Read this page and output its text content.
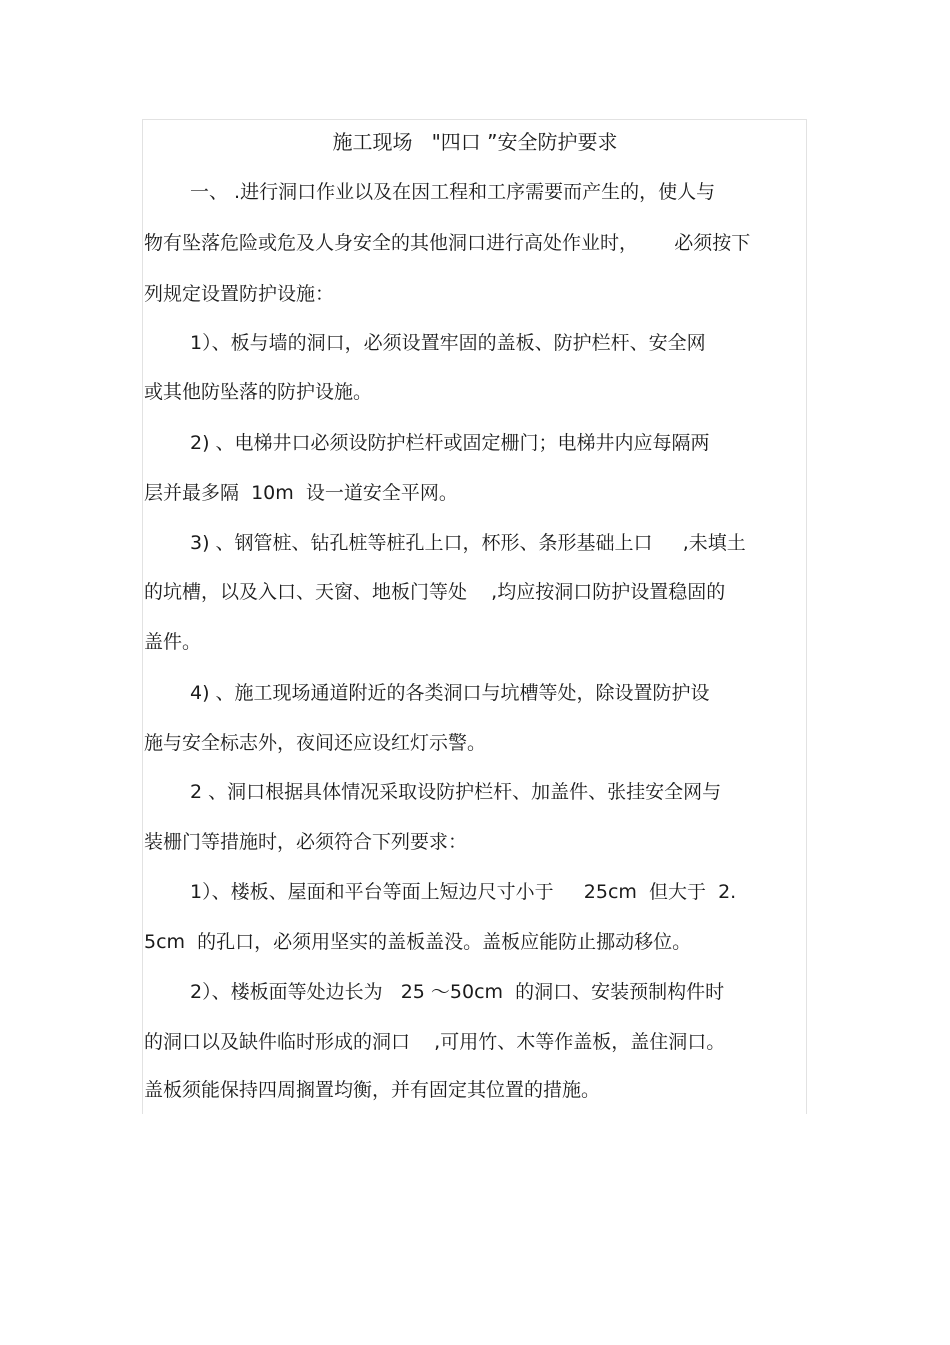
施工现场   "四口 ”安全防护要求
一、 .进行洞口作业以及在因工程和工序需要而产生的，使人与
物有坠落危险或危及人身安全的其他洞口进行高处作业时，      必须按下
列规定设置防护设施：
1）、板与墙的洞口，必须设置牢固的盖板、防护栏杆、安全网
或其他防坠落的防护设施。
2) 、电梯井口必须设防护栏杆或固定栅门；电梯井内应每隔两
层并最多隔  10m  设一道安全平网。
3) 、钢管桩、钻孔桩等桩孔上口，杯形、条形基础上口     ,未填土
的坑槽，以及入口、天窗、地板门等处    ,均应按洞口防护设置稳固的
盖件。
4) 、施工现场通道附近的各类洞口与坑槽等处，除设置防护设
施与安全标志外，夜间还应设红灯示警。
2 、洞口根据具体情况采取设防护栏杆、加盖件、张挂安全网与
装栅门等措施时，必须符合下列要求：
1）、楼板、屋面和平台等面上短边尺寸小于     25cm  但大于  2.
5cm  的孔口，必须用坚实的盖板盖没。盖板应能防止挪动移位。
2）、楼板面等处边长为   25 ～50cm  的洞口、安装预制构件时
的洞口以及缺件临时形成的洞口    ,可用竹、木等作盖板，盖住洞口。
盖板须能保持四周搁置均衡，并有固定其位置的措施。
